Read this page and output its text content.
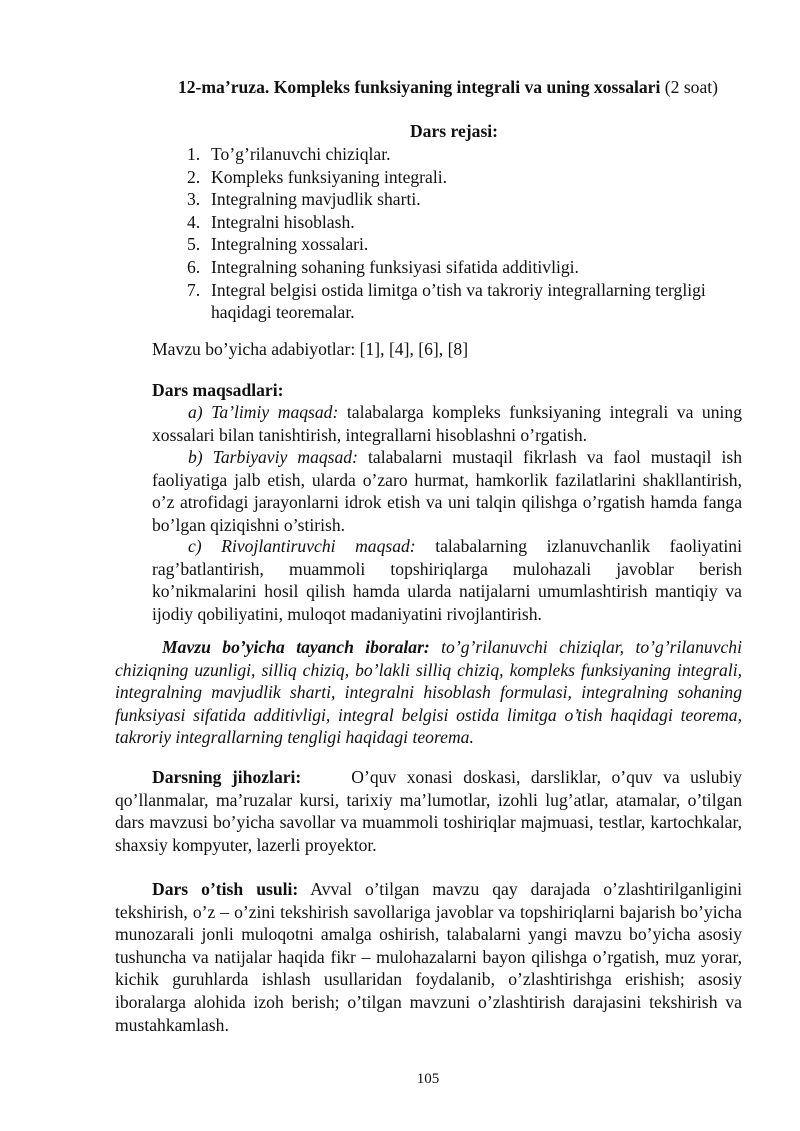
12-ma’ruza. Kompleks funksiyaning integrali va uning xossalari (2 soat)
Dars rejasi:
1. To’g’rilanuvchi chiziqlar.
2. Kompleks funksiyaning integrali.
3. Integralning mavjudlik sharti.
4. Integralni hisoblash.
5. Integralning xossalari.
6. Integralning sohaning funksiyasi sifatida additivligi.
7. Integral belgisi ostida limitga o’tish va takroriy integrallarning tergligi haqidagi teoremalar.
Mavzu bo’yicha adabiyotlar: [1], [4], [6], [8]
Dars maqsadlari:
a) Ta’limiy maqsad: talabalarga kompleks funksiyaning integrali va uning xossalari bilan tanishtirish, integrallarni hisoblashni o’rgatish.
b) Tarbiyaviy maqsad: talabalarni mustaqil fikrlash va faol mustaqil ish faoliyatiga jalb etish, ularda o’zaro hurmat, hamkorlik fazilatlarini shakllantirish, o’z atrofidagi jarayonlarni idrok etish va uni talqin qilishga o’rgatish hamda fanga bo’lgan qiziqishni o’stirish.
c) Rivojlantiruvchi maqsad: talabalarning izlanuvchanlik faoliyatini rag’batlantirish, muammoli topshiriqlarga mulohazali javoblar berish ko’nikmalarini hosil qilish hamda ularda natijalarni umumlashtirish mantiqiy va ijodiy qobiliyatini, muloqot madaniyatini rivojlantirish.
Mavzu bo’yicha tayanch iboralar: to’g’rilanuvchi chiziqlar, to’g’rilanuvchi chiziqning uzunligi, silliq chiziq, bo’lakli silliq chiziq, kompleks funksiyaning integrali, integralning mavjudlik sharti, integralni hisoblash formulasi, integralning sohaning funksiyasi sifatida additivligi, integral belgisi ostida limitga o’tish haqidagi teorema, takroriy integrallarning tengligi haqidagi teorema.
Darsning jihozlari:	O’quv xonasi doskasi, darsliklar, o’quv va uslubiy qo’llanmalar, ma’ruzalar kursi, tarixiy ma’lumotlar, izohli lug’atlar, atamalar, o’tilgan dars mavzusi bo’yicha savollar va muammoli toshiriqlar majmuasi, testlar, kartochkalar, shaxsiy kompyuter, lazerli proyektor.
Dars o’tish usuli: Avval o’tilgan mavzu qay darajada o’zlashtirilganligini tekshirish, o’z – o’zini tekshirish savollariga javoblar va topshiriqlarni bajarish bo’yicha munozarali jonli muloqotni amalga oshirish, talabalarni yangi mavzu bo’yicha asosiy tushuncha va natijalar haqida fikr – mulohazalarni bayon qilishga o’rgatish, muz yorar, kichik guruhlarda ishlash usullaridan foydalanib, o’zlashtirishga erishish; asosiy iboralarga alohida izoh berish; o’tilgan mavzuni o’zlashtirish darajasini tekshirish va mustahkamlash.
105
